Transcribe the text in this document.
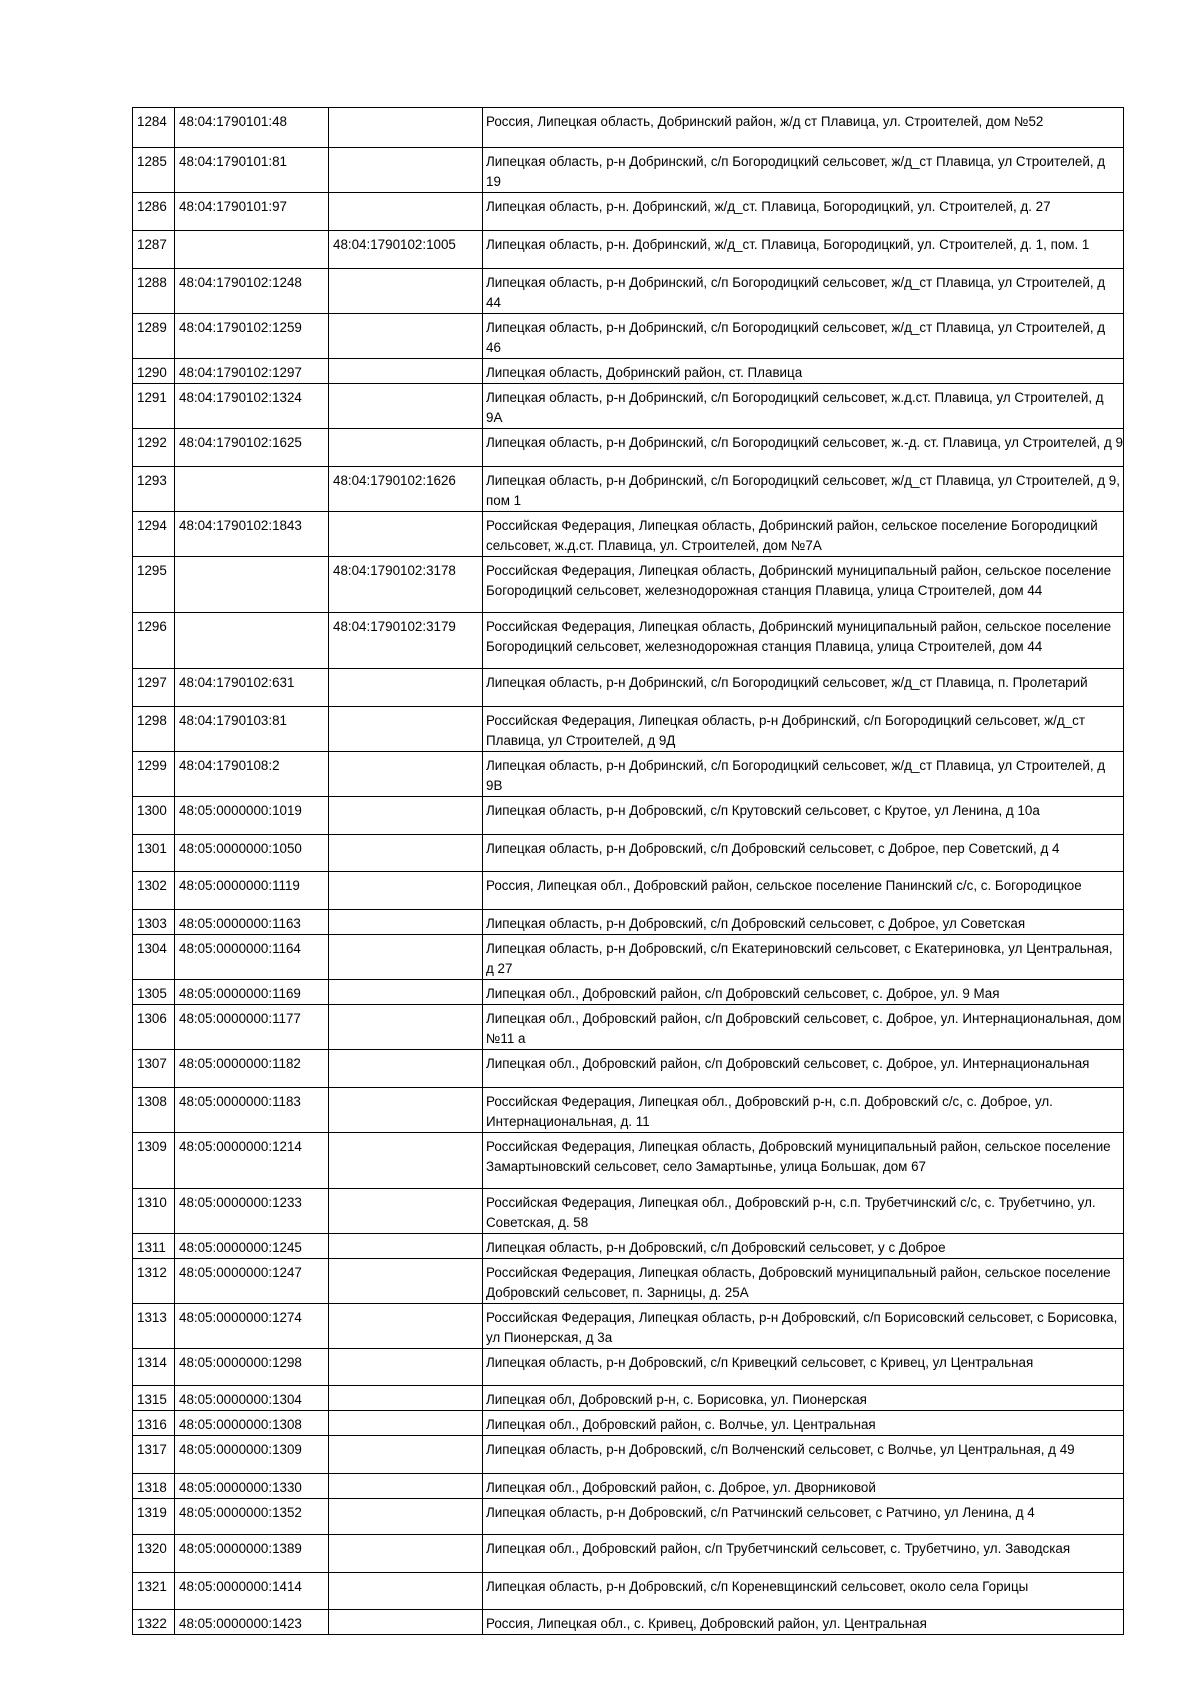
1284	48:04:1790101:48		Россия, Липецкая область, Добринский район, ж/д ст Плавица, ул. Строителей, дом №52
1285	48:04:1790101:81		Липецкая область, р-н Добринский, с/п Богородицкий сельсовет, ж/д_ст Плавица, ул Строителей, д 19
1286	48:04:1790101:97		Липецкая область, р-н. Добринский, ж/д_ст. Плавица, Богородицкий, ул. Строителей, д. 27
1287		48:04:1790102:1005	Липецкая область, р-н. Добринский, ж/д_ст. Плавица, Богородицкий, ул. Строителей, д. 1, пом. 1
1288	48:04:1790102:1248		Липецкая область, р-н Добринский, с/п Богородицкий сельсовет, ж/д_ст Плавица, ул Строителей, д 44
1289	48:04:1790102:1259		Липецкая область, р-н Добринский, с/п Богородицкий сельсовет, ж/д_ст Плавица, ул Строителей, д 46
1290	48:04:1790102:1297		Липецкая область, Добринский район, ст. Плавица
1291	48:04:1790102:1324		Липецкая область, р-н Добринский, с/п Богородицкий сельсовет, ж.д.ст. Плавица, ул Строителей, д 9А
1292	48:04:1790102:1625		Липецкая область, р-н Добринский, с/п Богородицкий сельсовет, ж.-д. ст. Плавица, ул Строителей, д 9
1293		48:04:1790102:1626	Липецкая область, р-н Добринский, с/п Богородицкий сельсовет, ж/д_ст Плавица, ул Строителей, д 9, пом 1
1294	48:04:1790102:1843		Российская Федерация, Липецкая область, Добринский район, сельское поселение Богородицкий сельсовет, ж.д.ст. Плавица, ул. Строителей, дом №7А
1295		48:04:1790102:3178	Российская Федерация, Липецкая область, Добринский муниципальный район, сельское поселение Богородицкий сельсовет, железнодорожная станция Плавица, улица Строителей, дом 44
1296		48:04:1790102:3179	Российская Федерация, Липецкая область, Добринский муниципальный район, сельское поселение Богородицкий сельсовет, железнодорожная станция Плавица, улица Строителей, дом 44
1297	48:04:1790102:631		Липецкая область, р-н Добринский, с/п Богородицкий сельсовет, ж/д_ст Плавица, п. Пролетарий
1298	48:04:1790103:81		Российская Федерация, Липецкая область, р-н Добринский, с/п Богородицкий сельсовет, ж/д_ст Плавица, ул Строителей, д 9Д
1299	48:04:1790108:2		Липецкая область, р-н Добринский, с/п Богородицкий сельсовет, ж/д_ст Плавица, ул Строителей, д 9В
1300	48:05:0000000:1019		Липецкая область, р-н Добровский, с/п Крутовский сельсовет, с Крутое, ул Ленина, д 10а
1301	48:05:0000000:1050		Липецкая область, р-н Добровский, с/п Добровский сельсовет, с Доброе, пер Советский, д 4
1302	48:05:0000000:1119		Россия, Липецкая обл., Добровский район, сельское поселение Панинский с/с, с. Богородицкое
1303	48:05:0000000:1163		Липецкая область, р-н Добровский, с/п Добровский сельсовет, с Доброе, ул Советская
1304	48:05:0000000:1164		Липецкая область, р-н Добровский, с/п Екатериновский сельсовет, с Екатериновка, ул Центральная, д 27
1305	48:05:0000000:1169		Липецкая обл., Добровский район, с/п Добровский сельсовет, с. Доброе, ул. 9 Мая
1306	48:05:0000000:1177		Липецкая обл., Добровский район, с/п Добровский сельсовет, с. Доброе, ул. Интернациональная, дом №11 а
1307	48:05:0000000:1182		Липецкая обл., Добровский район, с/п Добровский сельсовет, с. Доброе, ул. Интернациональная
1308	48:05:0000000:1183		Российская Федерация, Липецкая обл., Добровский р-н, с.п. Добровский с/с, с. Доброе, ул. Интернациональная, д. 11
1309	48:05:0000000:1214		Российская Федерация, Липецкая область, Добровский муниципальный район, сельское поселение Замартыновский сельсовет, село Замартынье, улица Большак, дом 67
1310	48:05:0000000:1233		Российская Федерация, Липецкая обл., Добровский р-н, с.п. Трубетчинский с/с, с. Трубетчино, ул. Советская, д. 58
1311	48:05:0000000:1245		Липецкая область, р-н Добровский, с/п Добровский сельсовет, у с Доброе
1312	48:05:0000000:1247		Российская Федерация, Липецкая область, Добровский муниципальный район, сельское поселение Добровский сельсовет, п. Зарницы, д. 25А
1313	48:05:0000000:1274		Российская Федерация, Липецкая область, р-н Добровский, с/п Борисовский сельсовет, с Борисовка, ул Пионерская, д 3а
1314	48:05:0000000:1298		Липецкая область, р-н Добровский, с/п Кривецкий сельсовет, с Кривец, ул Центральная
1315	48:05:0000000:1304		Липецкая обл, Добровский р-н, с. Борисовка, ул. Пионерская
1316	48:05:0000000:1308		Липецкая обл., Добровский район, с. Волчье, ул. Центральная
1317	48:05:0000000:1309		Липецкая область, р-н Добровский, с/п Волченский сельсовет, с Волчье, ул Центральная, д 49
1318	48:05:0000000:1330		Липецкая обл., Добровский район, с. Доброе, ул. Дворниковой
1319	48:05:0000000:1352		Липецкая область, р-н Добровский, с/п Ратчинский сельсовет, с Ратчино, ул Ленина, д 4
1320	48:05:0000000:1389		Липецкая обл., Добровский район, с/п Трубетчинский сельсовет, с. Трубетчино, ул. Заводская
1321	48:05:0000000:1414		Липецкая область, р-н Добровский, с/п Кореневщинский сельсовет, около села Горицы
1322	48:05:0000000:1423		Россия, Липецкая обл., с. Кривец, Добровский район, ул. Центральная
